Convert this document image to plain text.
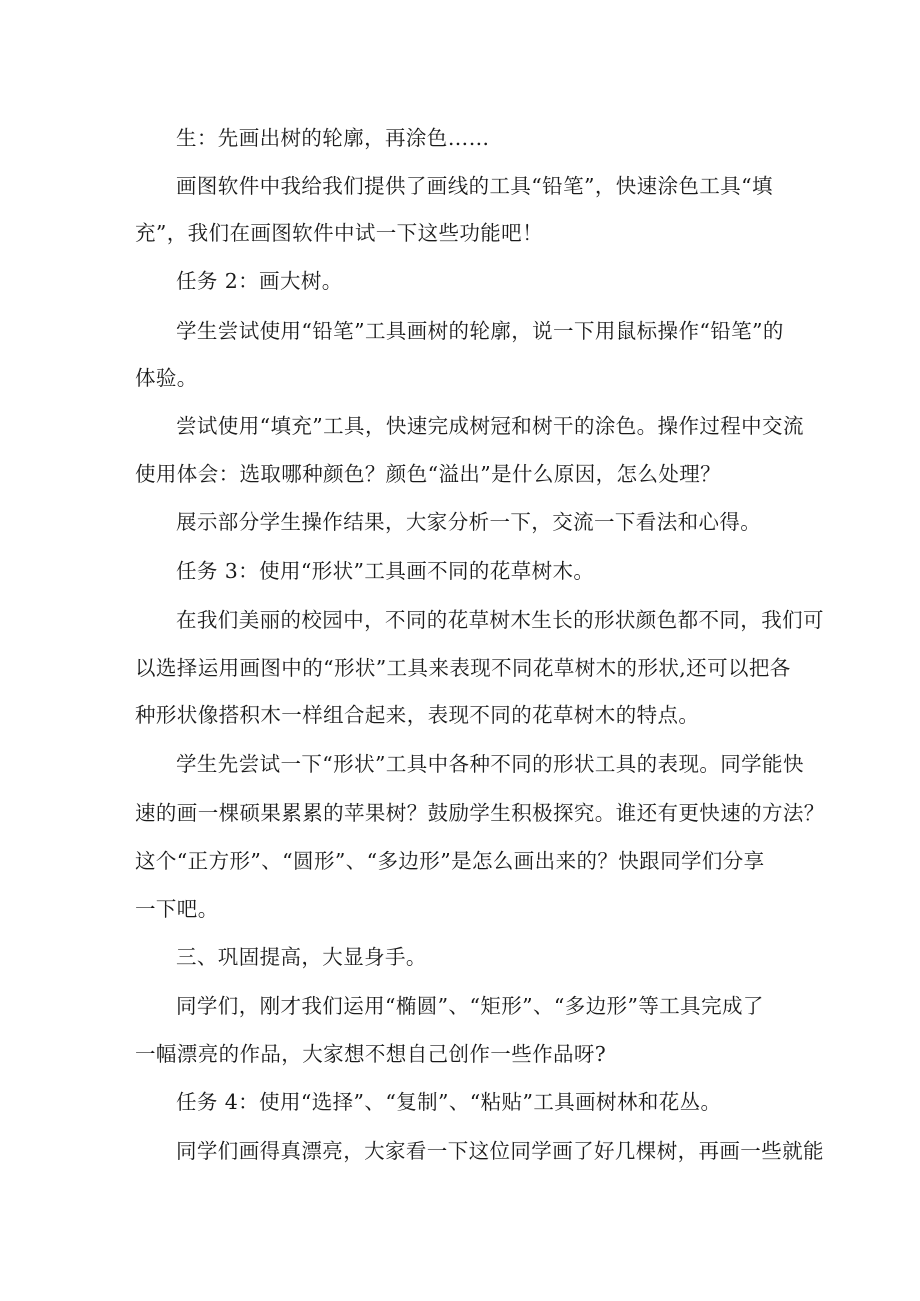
生：先画出树的轮廓，再涂色……
画图软件中我给我们提供了画线的工具“铅笔”，快速涂色工具“填
充”，我们在画图软件中试一下这些功能吧！
任务 2：画大树。
学生尝试使用“铅笔”工具画树的轮廓，说一下用鼠标操作“铅笔”的
体验。
尝试使用“填充”工具，快速完成树冠和树干的涂色。操作过程中交流
使用体会：选取哪种颜色？颜色“溢出”是什么原因，怎么处理？
展示部分学生操作结果，大家分析一下，交流一下看法和心得。
任务 3：使用“形状”工具画不同的花草树木。
在我们美丽的校园中，不同的花草树木生长的形状颜色都不同，我们可
以选择运用画图中的“形状”工具来表现不同花草树木的形状,还可以把各
种形状像搭积木一样组合起来，表现不同的花草树木的特点。
学生先尝试一下“形状”工具中各种不同的形状工具的表现。同学能快
速的画一棵硕果累累的苹果树？鼓励学生积极探究。谁还有更快速的方法？
这个“正方形”、“圆形”、“多边形”是怎么画出来的？快跟同学们分享
一下吧。
三、巩固提高，大显身手。
同学们，刚才我们运用“椭圆”、“矩形”、“多边形”等工具完成了
一幅漂亮的作品，大家想不想自己创作一些作品呀?
任务 4：使用“选择”、“复制”、“粘贴”工具画树林和花丛。
同学们画得真漂亮，大家看一下这位同学画了好几棵树，再画一些就能
